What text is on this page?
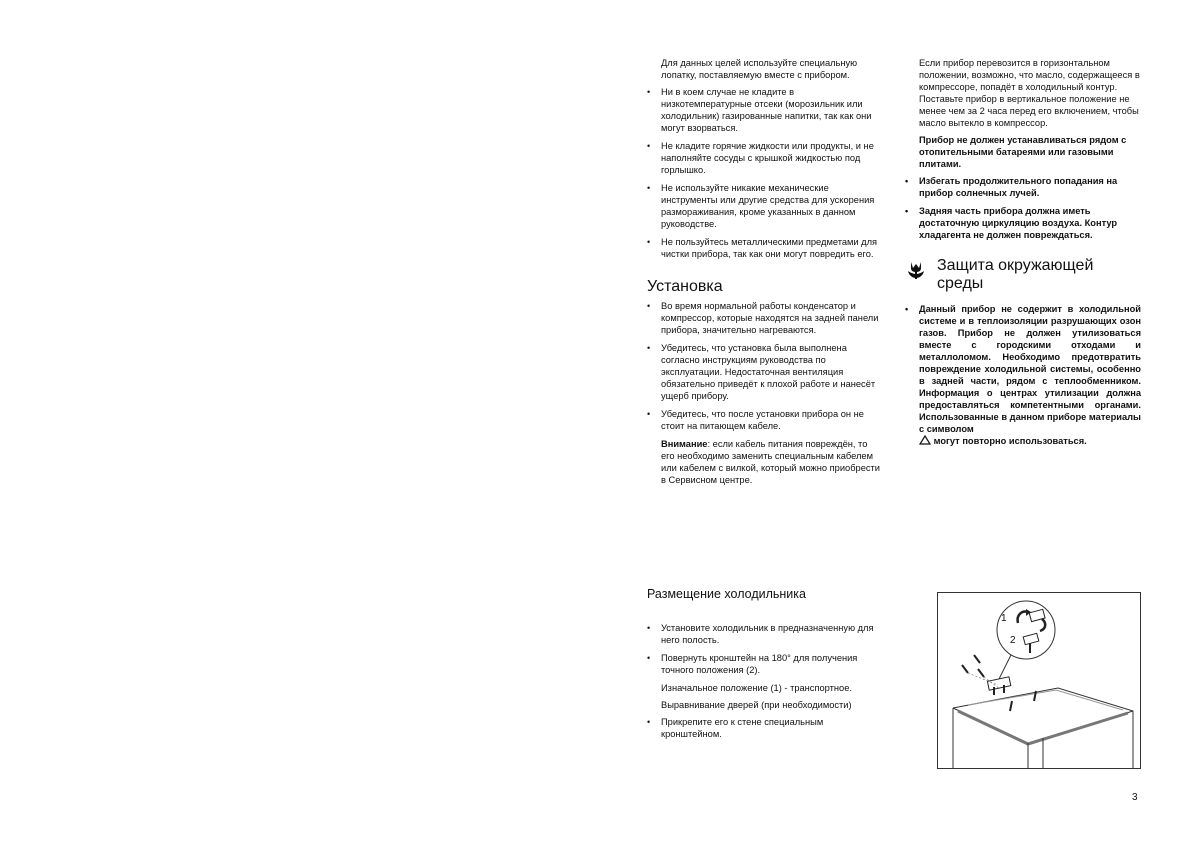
Для данных целей используйте специальную лопатку, поставляемую вместе с прибором.

• Ни в коем случае не кладите в низкотемпературные отсеки (морозильник или холодильник) газированные напитки, так как они могут взорваться.
• Не кладите горячие жидкости или продукты, и не наполняйте сосуды с крышкой жидкостью под горлышко.
• Не используйте никакие механические инструменты или другие средства для ускорения размораживания, кроме указанных в данном руководстве.
• Не пользуйтесь металлическими предметами для чистки прибора, так как они могут повредить его.
Установка
• Во время нормальной работы конденсатор и компрессор, которые находятся на задней панели прибора, значительно нагреваются.
• Убедитесь, что установка была выполнена согласно инструкциям руководства по эксплуатации. Недостаточная вентиляция обязательно приведёт к плохой работе и нанесёт ущерб прибору.
• Убедитесь, что после установки прибора он не стоит на питающем кабеле.

Внимание: если кабель питания повреждён, то его необходимо заменить специальным кабелем или кабелем с вилкой, который можно приобрести в Сервисном центре.

Если прибор перевозится в горизонтальном положении, возможно, что масло, содержащееся в компрессоре, попадёт в холодильный контур. Поставьте прибор в вертикальное положение не менее чем за 2 часа перед его включением, чтобы масло вытекло в компрессор.

Прибор не должен устанавливаться рядом с отопительными батареями или газовыми плитами.

• Избегать продолжительного попадания на прибор солнечных лучей.
• Задняя часть прибора должна иметь достаточную циркуляцию воздуха. Контур хладагента не должен повреждаться.
Защита окружающей
среды
• Данный прибор не содержит в холодильной системе и в теплоизоляции разрушающих озон газов. Прибор не должен утилизоваться вместе с городскими отходами и металлоломом. Необходимо предотвратить повреждение холодильной системы, особенно в задней части, рядом с теплообменником. Информация о центрах утилизации должна предоставляться компетентными органами. Использованные в данном приборе материалы с символом
могут повторно использоваться.
Размещение холодильника
• Установите холодильник в предназначенную для него полость.
• Повернуть кронштейн на 180° для получения точного положения (2).

Изначальное положение (1) - транспортное.

Выравнивание дверей (при необходимости)

• Прикрепите его к стене специальным кронштейном.
1
2
3
